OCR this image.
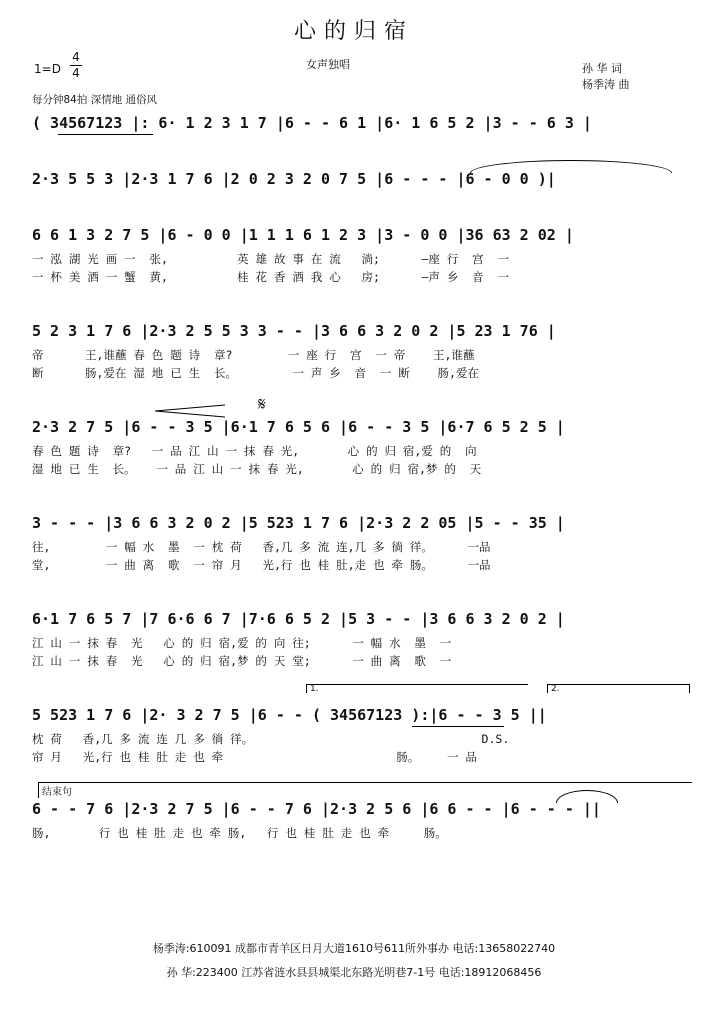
心的归宿
女声独唱
1=D
4
4	孙 华 词
杨季涛 曲
每分钟84拍 深情地 通俗风
( 34567123 |: 6· 1 2 3 1 7 |6 - - 6 1 |6· 1 6 5 2 |3 - - 6 3 |
2·3 5 5 3 |2·3 1 7 6 |2 0 2 3 2 0 7 5 |6 - - - |6 - 0 0 )|
6 6 1 3 2 7 5 |6 - 0 0 |1 1 1 6 1 2 3 |3 - 0 0 |36 63 2 02 |
一 泓 湖 光 画 一  张,          英 雄 故 事 在 流   淌;      —座 行  宫  一
一 杯 美 酒 一 蟹  黄,          桂 花 香 酒 我 心   房;      —声 乡  音  一
5 2 3 1 7 6 |2·3 2 5 5 3 3 - - |3 6 6 3 2 0 2 |5 23 1 76 |
帝      王,谁蘸 春 色 题 诗  章?        一 座 行  宫  一 帝    王,谁蘸
断      肠,爱在 湿 地 已 生  长。        一 声 乡  音  一 断    肠,爱在
2·3 2 7 5 |6 - - 3 5 |6·1 7 6 5 6 |6 - - 3 5 |6·7 6 5 2 5 |
𝄋
春 色 题 诗  章?   一 品 江 山 一 抹 春 光,       心 的 归 宿,爱 的  向
湿 地 已 生  长。   一 品 江 山 一 抹 春 光,       心 的 归 宿,梦 的  天
3 - - - |3 6 6 3 2 0 2 |5 523 1 7 6 |2·3 2 2 05 |5 - - 35 |
往,        一 幅 水  墨  一 枕 荷   香,几 多 流 连,几 多 徜 徉。     一品
堂,        一 曲 离  歌  一 帘 月   光,行 也 桂 肚,走 也 牵 肠。     一品
6·1 7 6 5 7 |7 6·6 6 7 |7·6 6 5 2 |5 3 - - |3 6 6 3 2 0 2 |
江 山 一 抹 春  光   心 的 归 宿,爱 的 向 往;      一 幅 水  墨  一
江 山 一 抹 春  光   心 的 归 宿,梦 的 天 堂;      一 曲 离  歌  一
1.	2.
5 523 1 7 6 |2· 3 2 7 5 |6 - - ( 34567123 ):|6 - - 3 5 ||
枕 荷   香,几 多 流 连 几 多 徜 徉。                                 D.S.
帘 月   光,行 也 桂 肚 走 也 牵                         肠。    一 品
结束句
6 - - 7 6 |2·3 2 7 5 |6 - - 7 6 |2·3 2 5 6 |6 6 - - |6 - - - ||
肠,       行 也 桂 肚 走 也 牵 肠,   行 也 桂 肚 走 也 牵     肠。
杨季涛:610091 成都市青羊区日月大道1610号611所外事办 电话:13658022740
孙 华:223400 江苏省涟水县县城渠北东路光明巷7-1号 电话:18912068456
